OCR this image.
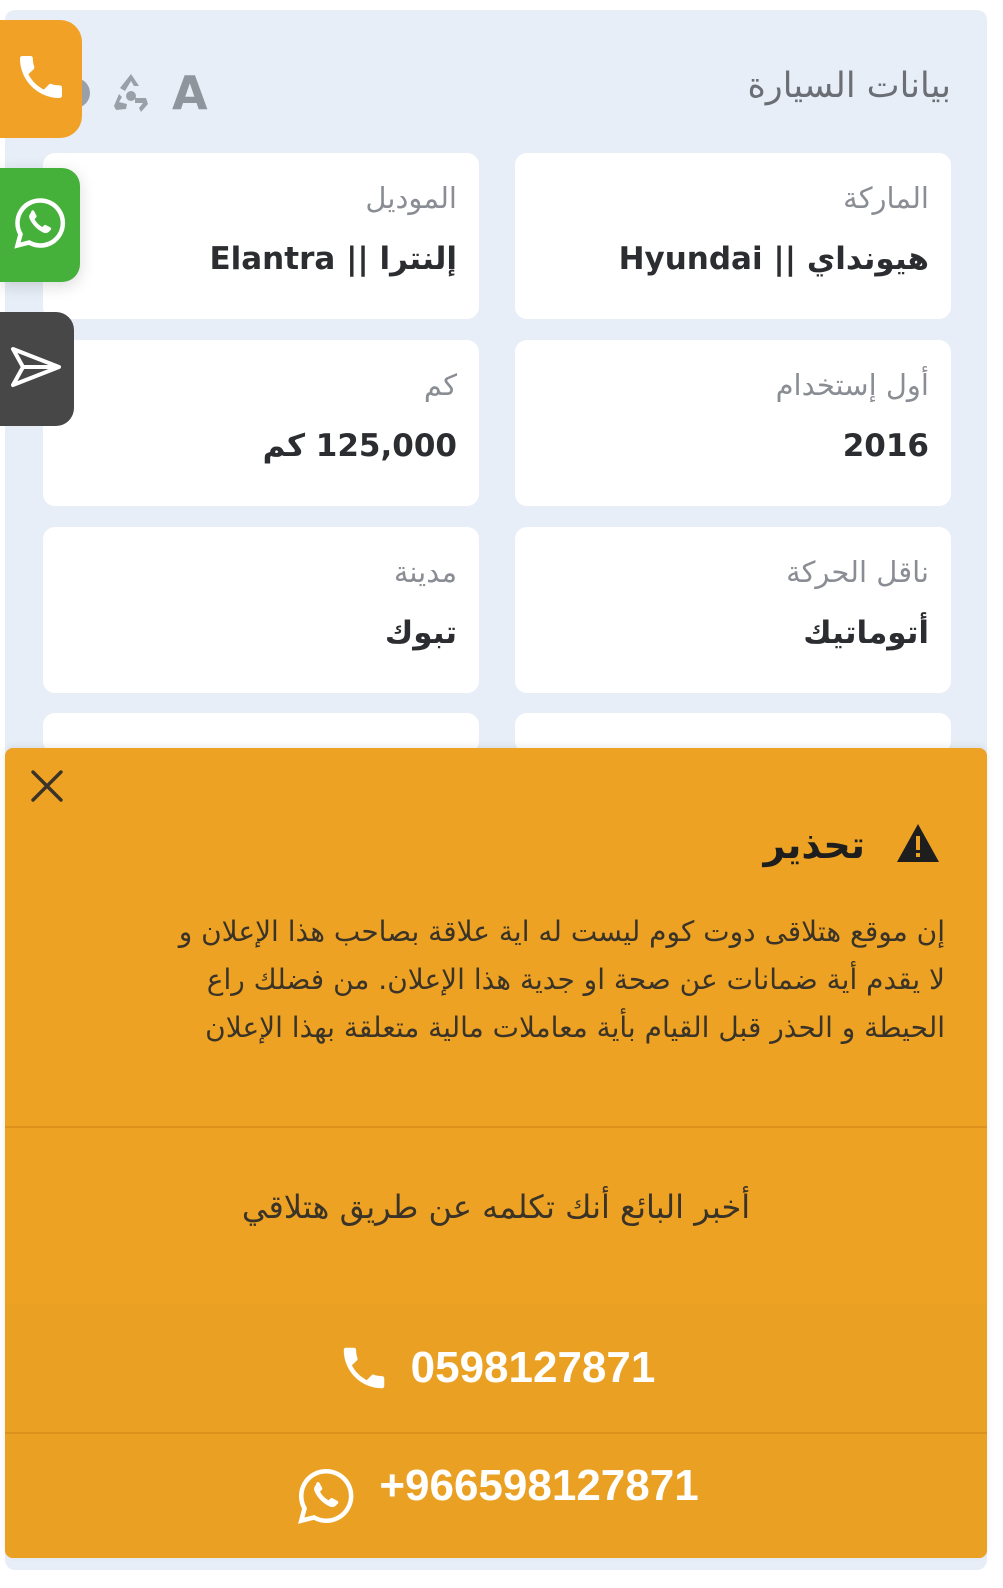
بيانات السيارة
A
الماركة
هيونداي || Hyundai
الموديل
إلنترا || Elantra
أول إستخدام
2016
كم
125,000 كم
ناقل الحركة
أتوماتيك
مدينة
تبوك
تحذير
إن موقع هتلاقى دوت كوم ليست له اية علاقة بصاحب هذا الإعلان و
لا يقدم أية ضمانات عن صحة او جدية هذا الإعلان. من فضلك راع
الحيطة و الحذر قبل القيام بأية معاملات مالية متعلقة بهذا الإعلان
أخبر البائع أنك تكلمه عن طريق هتلاقي
0598127871
+966598127871
